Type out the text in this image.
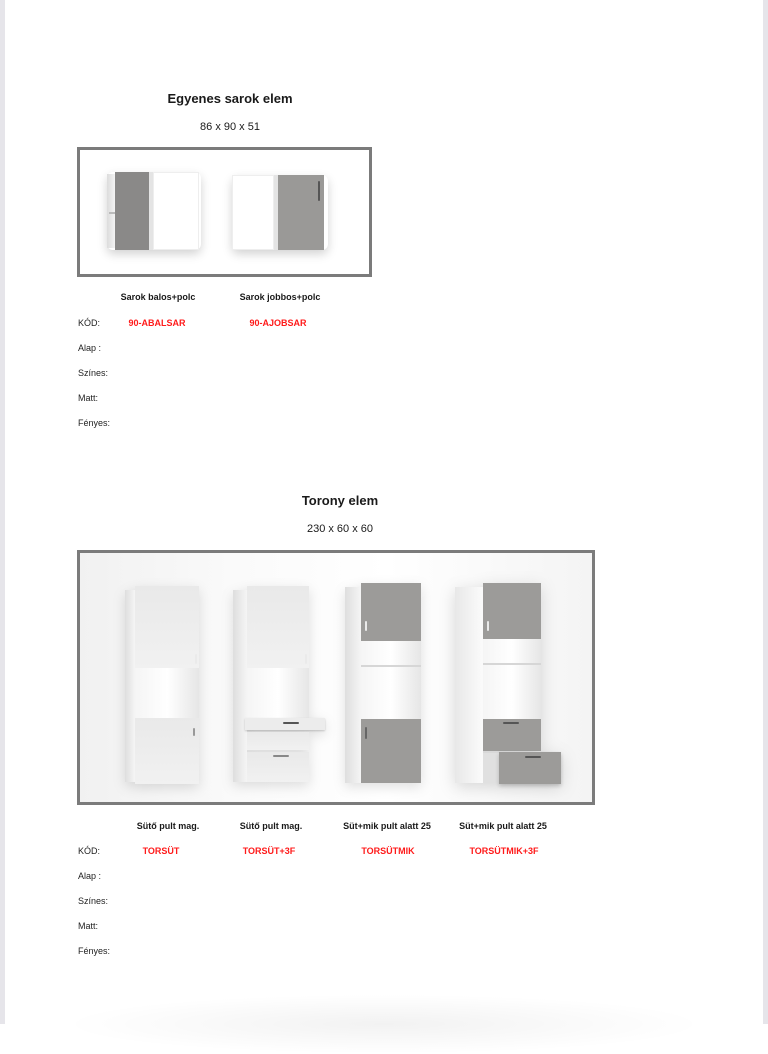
Egyenes sarok elem
86 x 90 x 51
Sarok balos+polc	Sarok jobbos+polc
KÓD:	90-ABALSAR	90-AJOBSAR
Alap :
Színes:
Matt:
Fényes:
Torony elem
230 x 60 x 60
Sütő pult mag.	Sütő pult mag.	Süt+mik pult alatt 25	Süt+mik pult alatt 25
KÓD:	TORSÜT	TORSÜT+3F	TORSÜTMIK	TORSÜTMIK+3F
Alap :
Színes:
Matt:
Fényes:
